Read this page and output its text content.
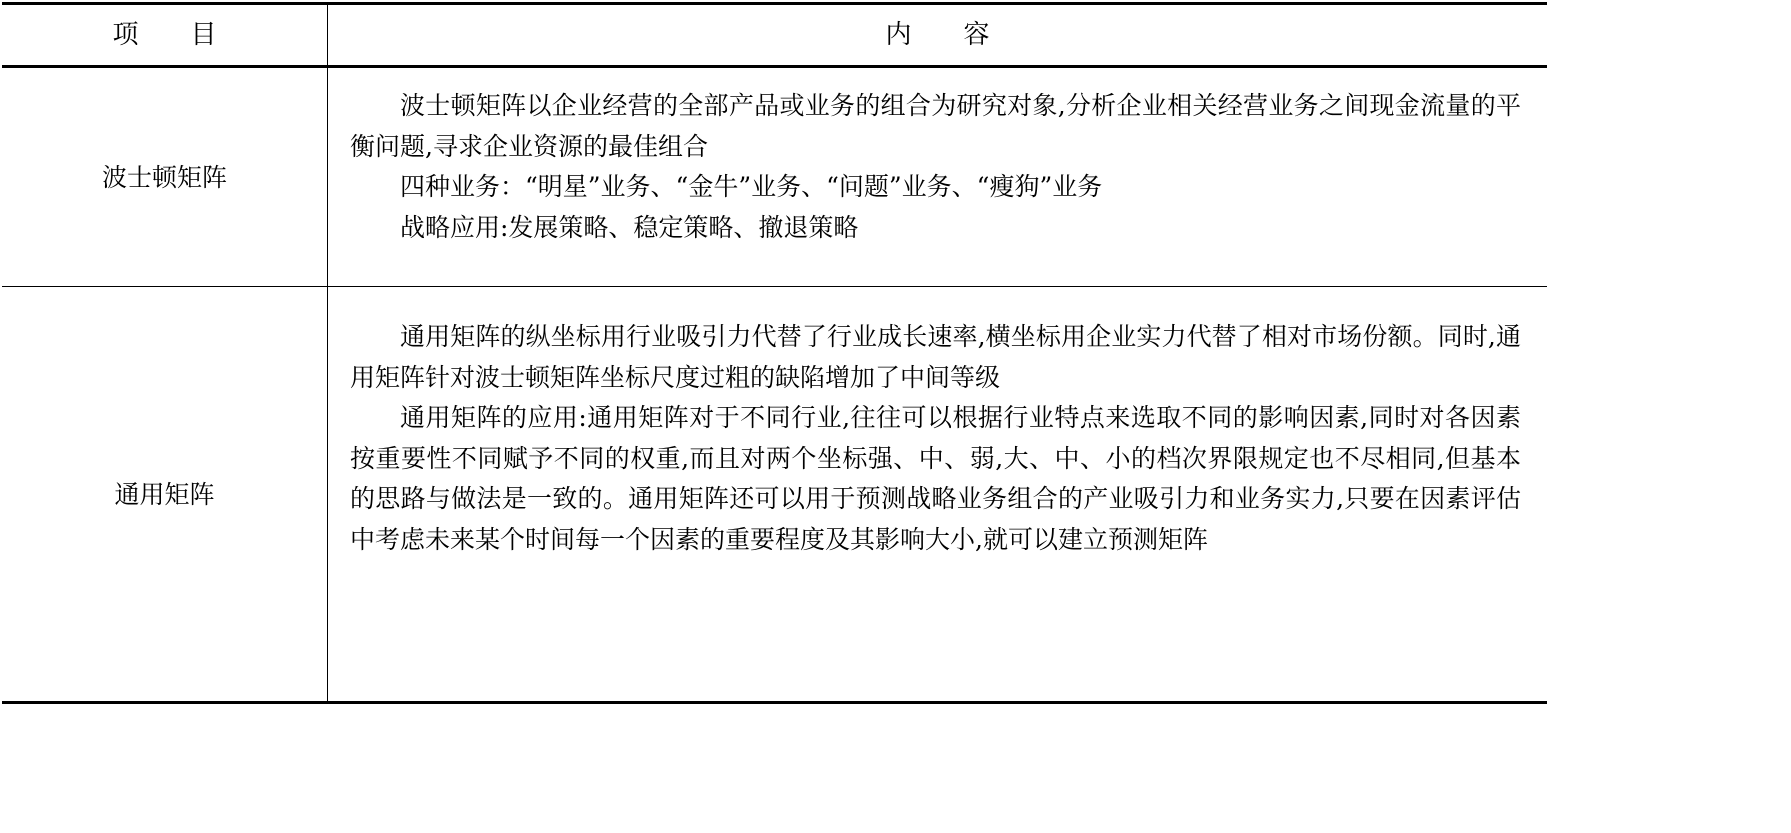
项　　目	内　　容
波士顿矩阵

波士顿矩阵以企业经营的全部产品或业务的组合为研究对象,分析企业相关经营业务之间现金流量的平衡问题,寻求企业资源的最佳组合

四种业务：“明星”业务、“金牛”业务、“问题”业务、“瘦狗”业务

战略应用:发展策略、稳定策略、撤退策略

通用矩阵

通用矩阵的纵坐标用行业吸引力代替了行业成长速率,横坐标用企业实力代替了相对市场份额。同时,通用矩阵针对波士顿矩阵坐标尺度过粗的缺陷增加了中间等级

通用矩阵的应用:通用矩阵对于不同行业,往往可以根据行业特点来选取不同的影响因素,同时对各因素按重要性不同赋予不同的权重,而且对两个坐标强、中、弱,大、中、小的档次界限规定也不尽相同,但基本的思路与做法是一致的。通用矩阵还可以用于预测战略业务组合的产业吸引力和业务实力,只要在因素评估中考虑未来某个时间每一个因素的重要程度及其影响大小,就可以建立预测矩阵
